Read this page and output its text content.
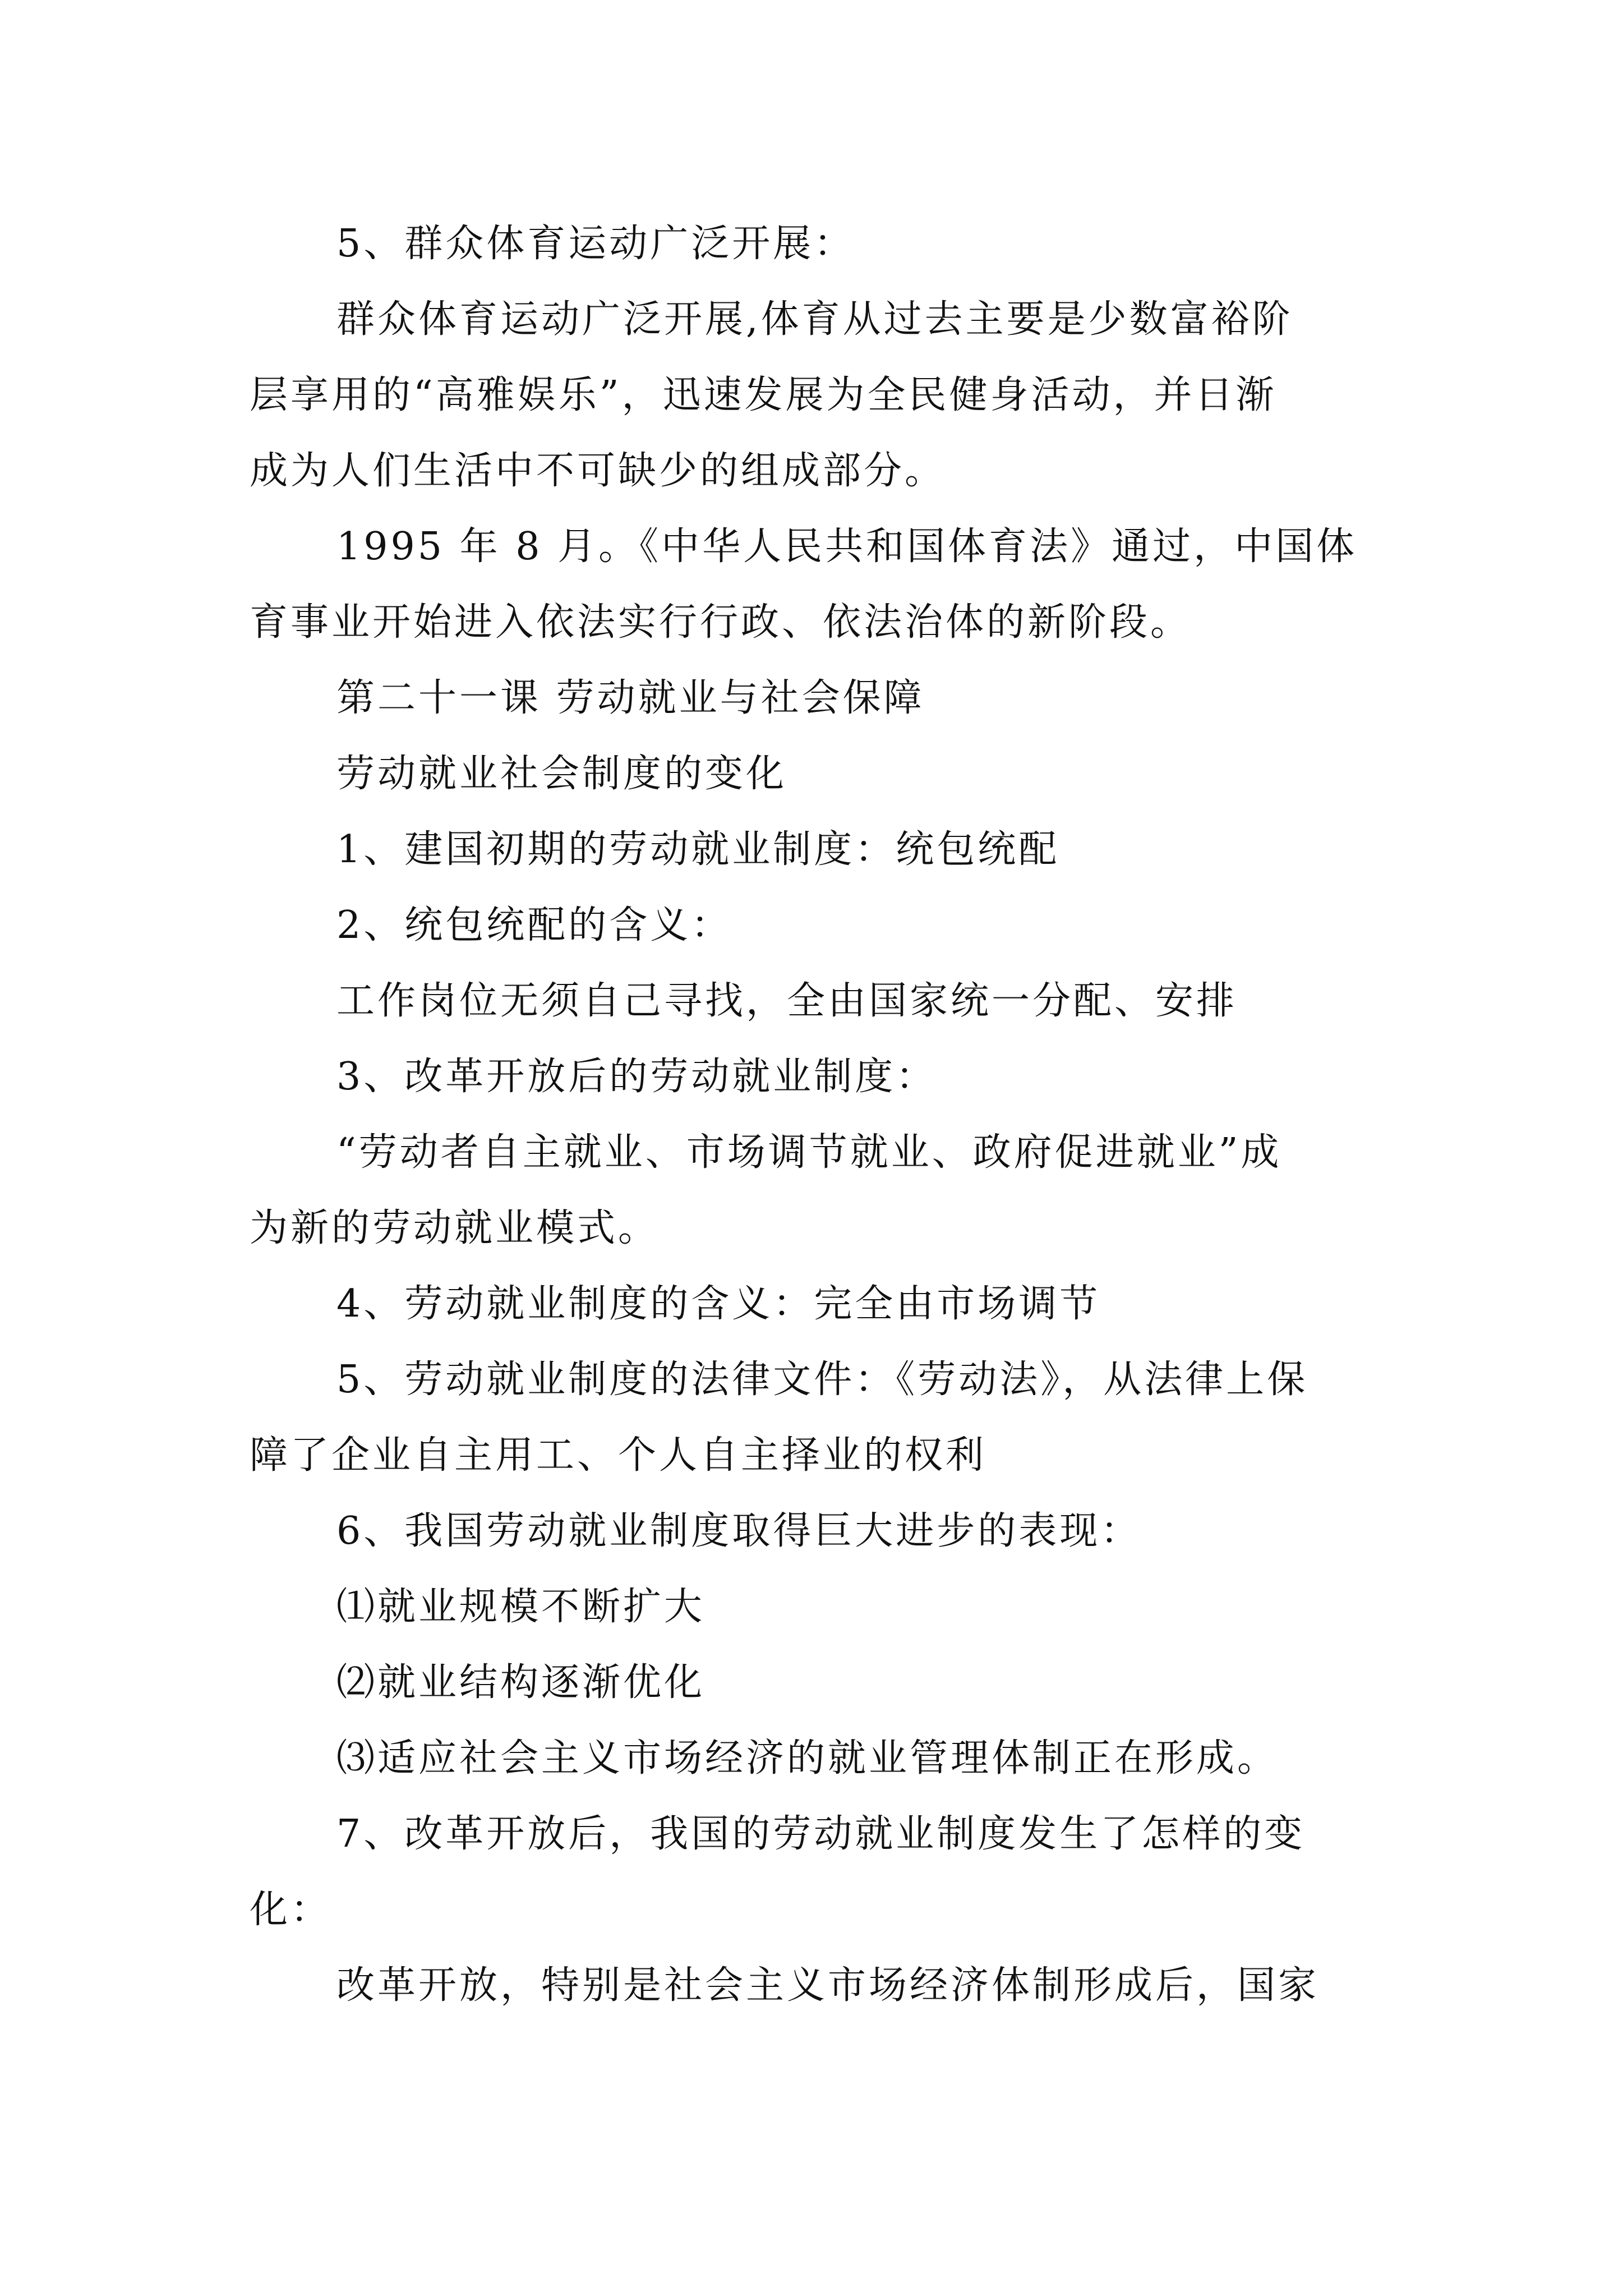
5、群众体育运动广泛开展：
群众体育运动广泛开展,体育从过去主要是少数富裕阶
层享用的“高雅娱乐”，迅速发展为全民健身活动，并日渐
成为人们生活中不可缺少的组成部分。
1995 年 8 月。《中华人民共和国体育法》通过，中国体
育事业开始进入依法实行行政、依法治体的新阶段。
第二十一课 劳动就业与社会保障
劳动就业社会制度的变化
1、建国初期的劳动就业制度：统包统配
2、统包统配的含义：
工作岗位无须自己寻找，全由国家统一分配、安排
3、改革开放后的劳动就业制度：
“劳动者自主就业、市场调节就业、政府促进就业”成
为新的劳动就业模式。
4、劳动就业制度的含义：完全由市场调节
5、劳动就业制度的法律文件：《劳动法》，从法律上保
障了企业自主用工、个人自主择业的权利
6、我国劳动就业制度取得巨大进步的表现：
⑴就业规模不断扩大
⑵就业结构逐渐优化
⑶适应社会主义市场经济的就业管理体制正在形成。
7、改革开放后，我国的劳动就业制度发生了怎样的变
化：
改革开放，特别是社会主义市场经济体制形成后，国家
